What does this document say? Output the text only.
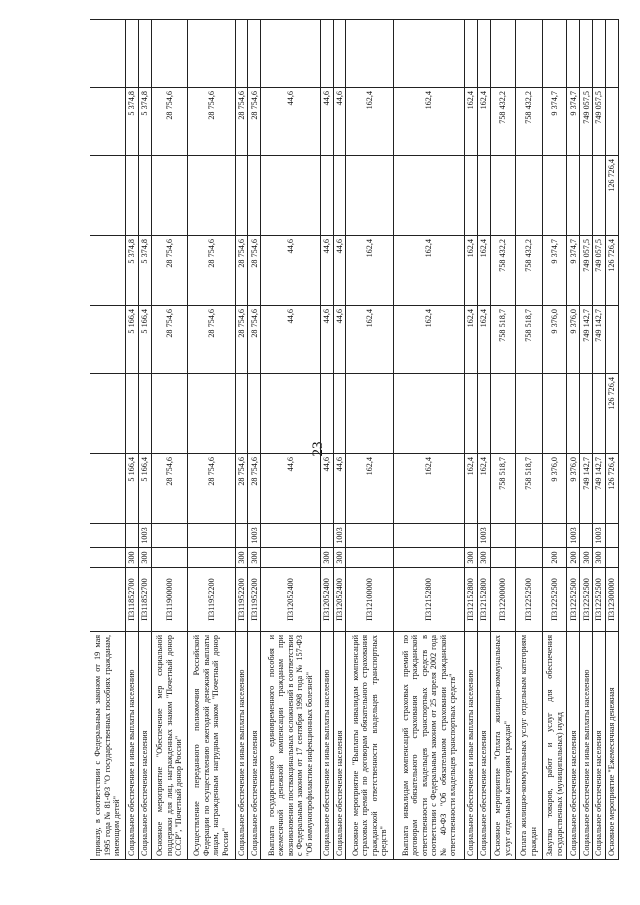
23
приказу, в соответствии с Федеральным законом от 19 мая 1995 года № 81-ФЗ "О государственных пособиях гражданам, имеющим детей"										
Социальное обеспечение и иные выплаты населению	П311852700	300		5 166,4		5 166,4	5 374,8		5 374,8	
Социальное обеспечение населения	П311852700	300	1003	5 166,4		5 166,4	5 374,8		5 374,8	
Основное мероприятие "Обеспечение мер социальной поддержки для лиц, награжденных знаком "Почетный донор СССР", "Почетный донор России"	П311900000			28 754,6		28 754,6	28 754,6		28 754,6	
Осуществление переданного полномочия Российской Федерации по осуществлению ежегодной денежной выплаты лицам, награжденным нагрудным знаком "Почетный донор России"	П311952200			28 754,6		28 754,6	28 754,6		28 754,6	
Социальное обеспечение и иные выплаты населению	П311952200	300		28 754,6		28 754,6	28 754,6		28 754,6	
Социальное обеспечение населения	П311952200	300	1003	28 754,6		28 754,6	28 754,6		28 754,6	
Выплата государственного единовременного пособия и ежемесячной денежной компенсации гражданам при возникновении поствакцинальных осложнений в соответствии с Федеральным законом от 17 сентября 1998 года № 157-ФЗ "Об иммунопрофилактике инфекционных болезней"	П312052400			44,6		44,6	44,6		44,6	
Социальное обеспечение и иные выплаты населению	П312052400	300		44,6		44,6	44,6		44,6	
Социальное обеспечение населения	П312052400	300	1003	44,6		44,6	44,6		44,6	
Основное мероприятие "Выплаты инвалидам компенсаций страховых премий по договорам обязательного страхования гражданской ответственности владельцев транспортных средств"	П312100000			162,4		162,4	162,4		162,4	
Выплата инвалидам компенсаций страховых премий по договорам обязательного страхования гражданской ответственности владельцев транспортных средств в соответствии с Федеральным законом от 25 апреля 2002 года № 40-ФЗ "Об обязательном страховании гражданской ответственности владельцев транспортных средств"	П312152800			162,4		162,4	162,4		162,4	
Социальное обеспечение и иные выплаты населению	П312152800	300		162,4		162,4	162,4		162,4	
Социальное обеспечение населения	П312152800	300	1003	162,4		162,4	162,4		162,4	
Основное мероприятие "Оплата жилищно-коммунальных услуг отдельным категориям граждан"	П312200000			758 518,7		758 518,7	758 432,2		758 432,2	
Оплата жилищно-коммунальных услуг отдельным категориям граждан	П312252500			758 518,7		758 518,7	758 432,2		758 432,2	
Закупка товаров, работ и услуг для обеспечения государственных (муниципальных) нужд	П312252500	200		9 376,0		9 376,0	9 374,7		9 374,7	
Социальное обеспечение населения	П312252500	200	1003	9 376,0		9 376,0	9 374,7		9 374,7	
Социальное обеспечение и иные выплаты населению	П312252500	300		749 142,7		749 142,7	749 057,5		749 057,5	
Социальное обеспечение населения	П312252500	300	1003	749 142,7		749 142,7	749 057,5		749 057,5	
Основное мероприятие "Ежемесячная денежная	П312300000			126 726,4	126 726,4		126 726,4	126 726,4		
